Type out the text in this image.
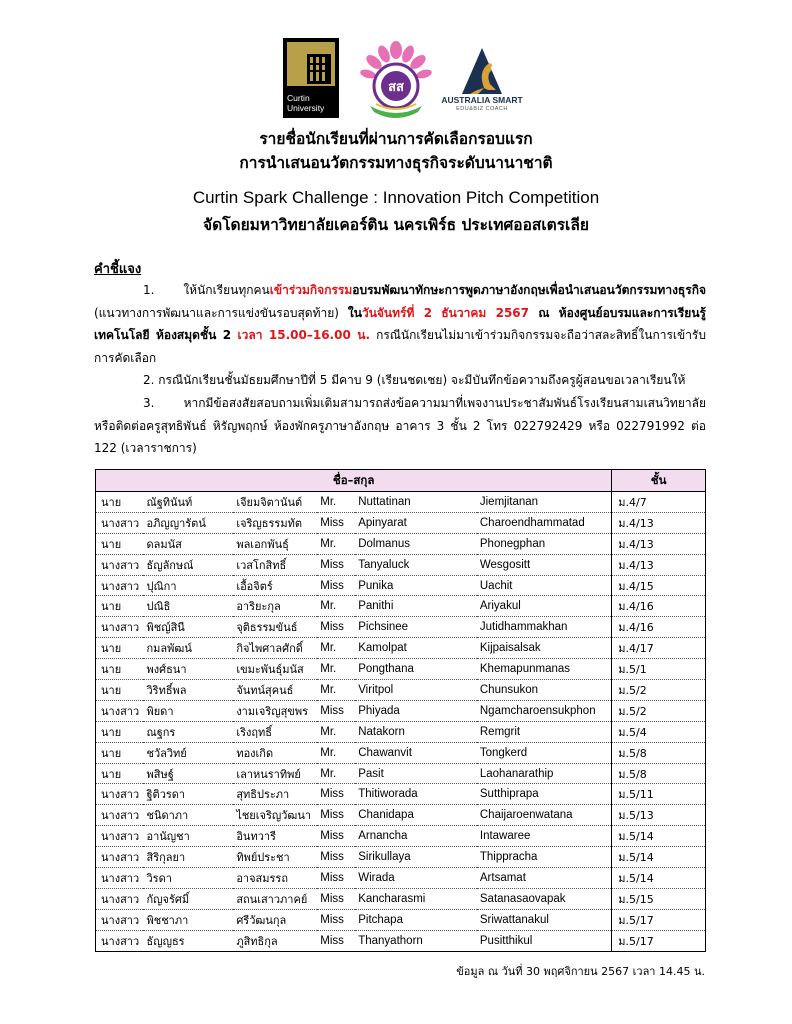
Curtin
University
สส
AUSTRALIA SMART
EDU&BIZ COACH
รายชื่อนักเรียนที่ผ่านการคัดเลือกรอบแรก
การนำเสนอนวัตกรรมทางธุรกิจระดับนานาชาติ
Curtin Spark Challenge : Innovation Pitch Competition
จัดโดยมหาวิทยาลัยเคอร์ติน นครเพิร์ธ ประเทศออสเตรเลีย
คำชี้แจง
1. ให้นักเรียนทุกคนเข้าร่วมกิจกรรมอบรมพัฒนาทักษะการพูดภาษาอังกฤษเพื่อนำเสนอนวัตกรรมทางธุรกิจ (แนวทางการพัฒนาและการแข่งขันรอบสุดท้าย) ในวันจันทร์ที่ 2 ธันวาคม 2567 ณ ห้องศูนย์อบรมและการเรียนรู้เทคโนโลยี ห้องสมุดชั้น 2 เวลา 15.00–16.00 น. กรณีนักเรียนไม่มาเข้าร่วมกิจกรรมจะถือว่าสละสิทธิ์ในการเข้ารับการคัดเลือก
2. กรณีนักเรียนชั้นมัธยมศึกษาปีที่ 5 มีคาบ 9 (เรียนชดเชย) จะมีบันทึกข้อความถึงครูผู้สอนขอเวลาเรียนให้
3. หากมีข้อสงสัยสอบถามเพิ่มเติมสามารถส่งข้อความมาที่เพจงานประชาสัมพันธ์โรงเรียนสามเสนวิทยาลัย หรือติดต่อครูสุทธิพันธ์ หิรัญพฤกษ์ ห้องพักครูภาษาอังกฤษ อาคาร 3 ชั้น 2 โทร 022792429 หรือ 022791992 ต่อ 122 (เวลาราชการ)
ชื่อ–สกุล						ชั้น
นาย	ณัฐทินันท์	เจียมจิตานันต์	Mr.	Nuttatinan	Jiemjitanan	ม.4/7
นางสาว	อภิญญารัตน์	เจริญธรรมทัต	Miss	Apinyarat	Charoendhammatad	ม.4/13
นาย	ดลมนัส	พลเอกพันธุ์	Mr.	Dolmanus	Phonegphan	ม.4/13
นางสาว	ธัญลักษณ์	เวสโกสิทธิ์	Miss	Tanyaluck	Wesgositt	ม.4/13
นางสาว	ปุณิกา	เอื้อจิตร์	Miss	Punika	Uachit	ม.4/15
นาย	ปณิธิ	อาริยะกุล	Mr.	Panithi	Ariyakul	ม.4/16
นางสาว	พิชญ์สินี	จุติธรรมขันธ์	Miss	Pichsinee	Jutidhammakhan	ม.4/16
นาย	กมลพัฒน์	กิจไพศาลศักดิ์	Mr.	Kamolpat	Kijpaisalsak	ม.4/17
นาย	พงศ์ธนา	เขมะพันธุ์มนัส	Mr.	Pongthana	Khemapunmanas	ม.5/1
นาย	วิริทธิ์พล	จันทน์สุคนธ์	Mr.	Viritpol	Chunsukon	ม.5/2
นางสาว	พิยดา	งามเจริญสุขพร	Miss	Phiyada	Ngamcharoensukphon	ม.5/2
นาย	ณฐกร	เริงฤทธิ์	Mr.	Natakorn	Remgrit	ม.5/4
นาย	ชวัลวิทย์	ทองเกิด	Mr.	Chawanvit	Tongkerd	ม.5/8
นาย	พสิษฐ์	เลาหนราทิพย์	Mr.	Pasit	Laohanarathip	ม.5/8
นางสาว	ฐิติวรดา	สุทธิประภา	Miss	Thitiworada	Sutthiprapa	ม.5/11
นางสาว	ชนิดาภา	ไชยเจริญวัฒนา	Miss	Chanidapa	Chaijaroenwatana	ม.5/13
นางสาว	อานัญชา	อินทวารี	Miss	Arnancha	Intawaree	ม.5/14
นางสาว	สิริกุลยา	ทิพย์ประชา	Miss	Sirikullaya	Thippracha	ม.5/14
นางสาว	วิรดา	อาจสมรรถ	Miss	Wirada	Artsamat	ม.5/14
นางสาว	กัญจรัศมิ์	สถนเสาวภาคย์	Miss	Kancharasmi	Satanasaovapak	ม.5/15
นางสาว	พิชชาภา	ศรีวัฒนกุล	Miss	Pitchapa	Sriwattanakul	ม.5/17
นางสาว	ธัญญธร	ภูสิทธิกุล	Miss	Thanyathorn	Pusitthikul	ม.5/17
ข้อมูล ณ วันที่ 30 พฤศจิกายน 2567 เวลา 14.45 น.
